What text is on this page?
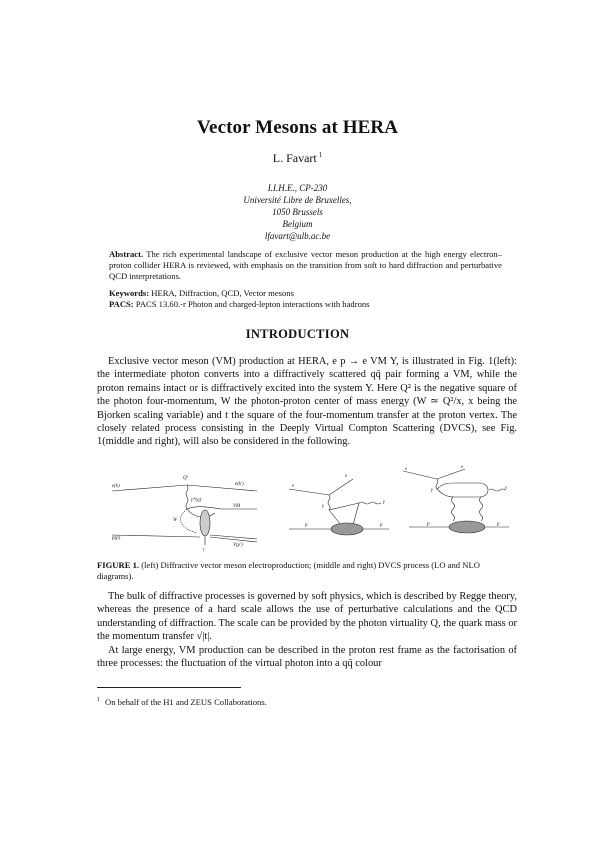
Vector Mesons at HERA
L. Favart $^1$
I.I.H.E., CP-230
Université Libre de Bruxelles,
1050 Brussels
Belgium
lfavart@ulb.ac.be
Abstract. The rich experimental landscape of exclusive vector meson production at the high energy electron–proton collider HERA is reviewed, with emphasis on the transition from soft to hard diffraction and perturbative QCD interpretations.
Keywords: HERA, Diffraction, QCD, Vector mesons
PACS: PACS 13.60.-r Photon and charged-lepton interactions with hadrons
INTRODUCTION

Exclusive vector meson (VM) production at HERA, e p → e VM Y, is illustrated in Fig. 1(left): the intermediate photon converts into a diffractively scattered qq̄ pair forming a VM, while the proton remains intact or is diffractively excited into the system Y. Here Q² is the negative square of the photon four-momentum, W the photon-proton center of mass energy (W ≃ Q²/x, x being the Bjorken scaling variable) and t the square of the four-momentum transfer at the proton vertex. The closely related process consisting in the Deeply Virtual Compton Scattering (DVCS), see Fig. 1(middle and right), will also be considered in the following.

e(k)	e(k')
Q²
γ*(q)
VM
W
p(p)
Y(p')
t
e
e
γ
γ
p	p
e	e
γ	γ
p	p
FIGURE 1. (left) Diffractive vector meson electroproduction; (middle and right) DVCS process (LO and NLO diagrams).

The bulk of diffractive processes is governed by soft physics, which is described by Regge theory, whereas the presence of a hard scale allows the use of perturbative calculations and the QCD understanding of diffraction. The scale can be provided by the photon virtuality Q, the quark mass or the momentum transfer √|t|.

At large energy, VM production can be described in the proton rest frame as the factorisation of three processes: the fluctuation of the virtual photon into a qq̄ colour

$^1$ On behalf of the H1 and ZEUS Collaborations.
